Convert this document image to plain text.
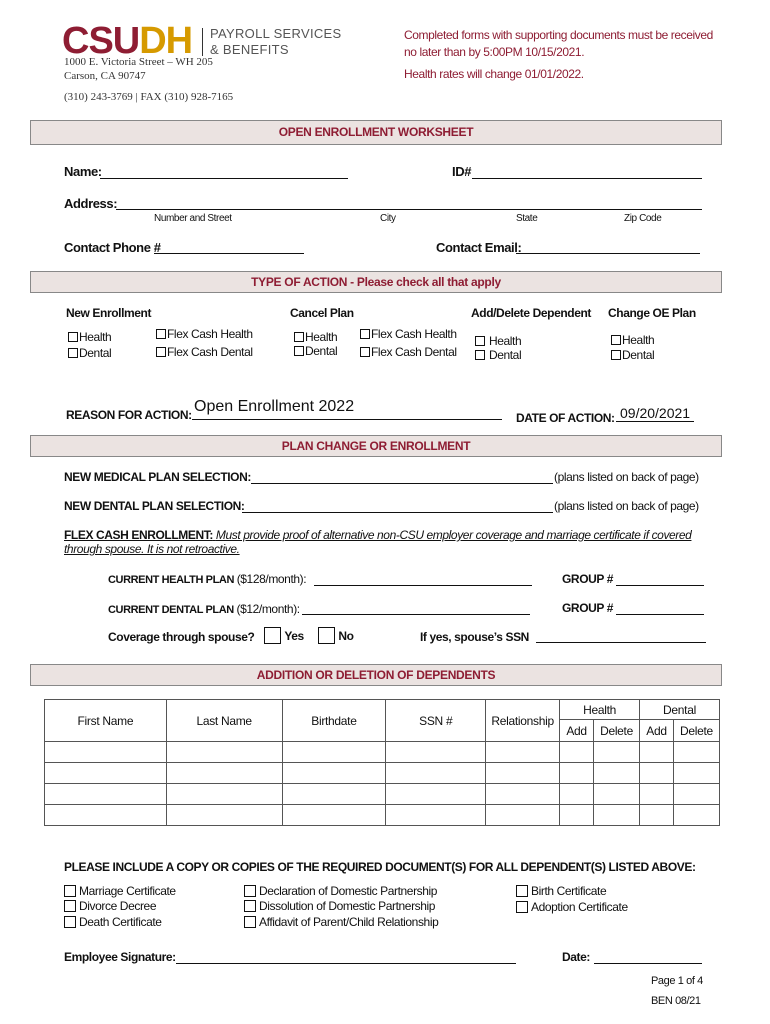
CSUDH PAYROLL SERVICES
& BENEFITS
1000 E. Victoria Street – WH 205
Carson, CA 90747
(310) 243-3769 | FAX (310) 928-7165
Completed forms with supporting documents must be received
no later than by 5:00PM 10/15/2021.
Health rates will change 01/01/2022.
OPEN ENROLLMENT WORKSHEET
Name:	ID#
Address:
Number and Street	City	State	Zip Code
Contact Phone #	Contact Email:
TYPE OF ACTION - Please check all that apply
New Enrollment	Cancel Plan	Add/Delete Dependent Change OE Plan
Health
Dental
Flex Cash Health
Flex Cash Dental
Health
Dental
Flex Cash Health
Flex Cash Dental
Health
Dental
Health
Dental
REASON FOR ACTION: Open Enrollment 2022
DATE OF ACTION: 09/20/2021
PLAN CHANGE OR ENROLLMENT
NEW MEDICAL PLAN SELECTION:	(plans listed on back of page)
NEW DENTAL PLAN SELECTION:	(plans listed on back of page)
FLEX CASH ENROLLMENT: Must provide proof of alternative non-CSU employer coverage and marriage certificate if covered
through spouse. It is not retroactive.
CURRENT HEALTH PLAN ($128/month):	GROUP #
CURRENT DENTAL PLAN ($12/month):	GROUP #
Coverage through spouse?	Yes	No	If yes, spouse’s SSN
ADDITION OR DELETION OF DEPENDENTS
First Name	Last Name	Birthdate	SSN #	Relationship	Health		Dental	
					Add	Delete	Add	Delete

PLEASE INCLUDE A COPY OR COPIES OF THE REQUIRED DOCUMENT(S) FOR ALL DEPENDENT(S) LISTED ABOVE:
Marriage Certificate
Divorce Decree
Death Certificate
Declaration of Domestic Partnership
Dissolution of Domestic Partnership
Affidavit of Parent/Child Relationship
Birth Certificate
Adoption Certificate
Employee Signature:	Date:
Page 1 of 4
BEN 08/21
